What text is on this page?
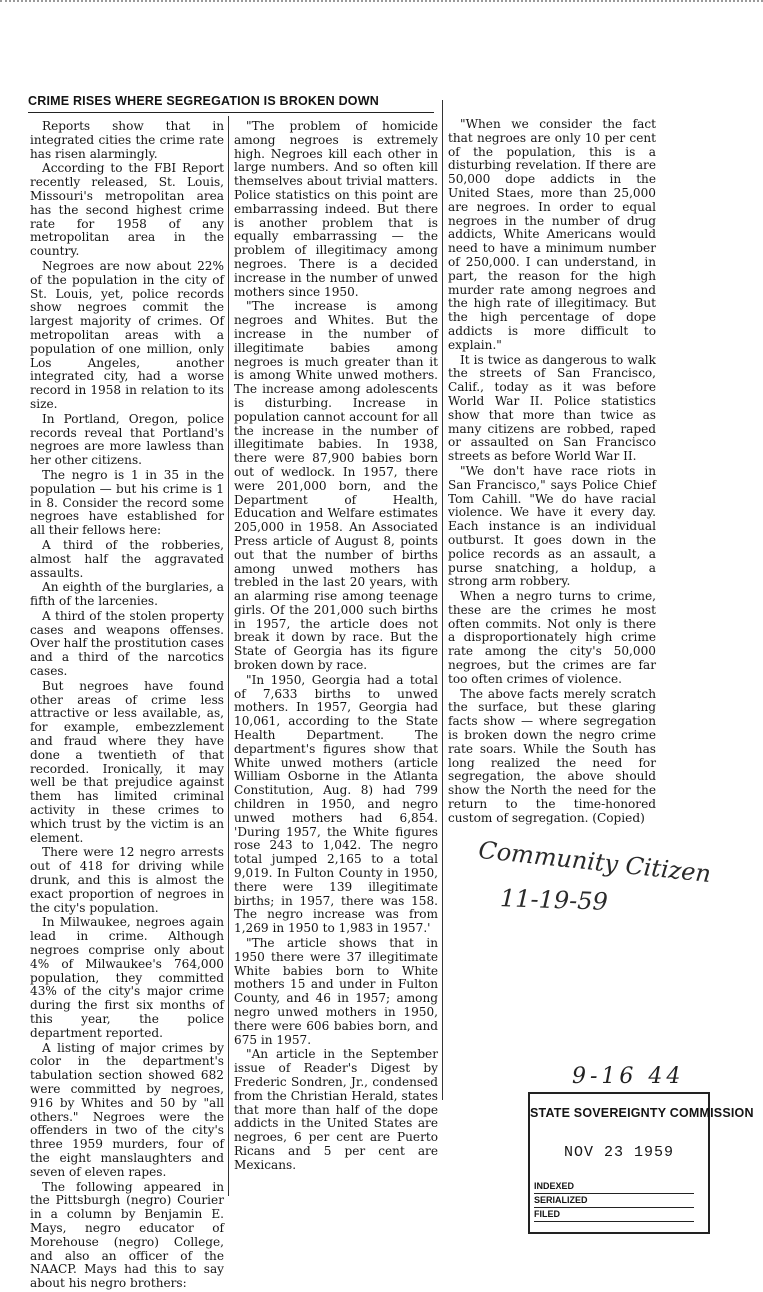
CRIME RISES WHERE SEGREGATION IS BROKEN DOWN

Reports show that in integrated cities the crime rate has risen alarmingly.

According to the FBI Report recently released, St. Louis, Missouri's metropolitan area has the second highest crime rate for 1958 of any metropolitan area in the country.

Negroes are now about 22% of the population in the city of St. Louis, yet, police records show negroes commit the largest majority of crimes. Of metropolitan areas with a population of one million, only Los Angeles, another integrated city, had a worse record in 1958 in relation to its size.

In Portland, Oregon, police records reveal that Portland's negroes are more lawless than her other citizens.

The negro is 1 in 35 in the population — but his crime is 1 in 8. Consider the record some negroes have established for all their fellows here:

A third of the robberies, almost half the aggravated assaults.

An eighth of the burglaries, a fifth of the larcenies.

A third of the stolen property cases and weapons offenses. Over half the prostitution cases and a third of the narcotics cases.

But negroes have found other areas of crime less attractive or less available, as, for example, embezzlement and fraud where they have done a twentieth of that recorded. Ironically, it may well be that prejudice against them has limited criminal activity in these crimes to which trust by the victim is an element.

There were 12 negro arrests out of 418 for driving while drunk, and this is almost the exact proportion of negroes in the city's population.

In Milwaukee, negroes again lead in crime. Although negroes comprise only about 4% of Milwaukee's 764,000 population, they committed 43% of the city's major crime during the first six months of this year, the police department reported.

A listing of major crimes by color in the department's tabulation section showed 682 were committed by negroes, 916 by Whites and 50 by "all others." Negroes were the offenders in two of the city's three 1959 murders, four of the eight manslaughters and seven of eleven rapes.

The following appeared in the Pittsburgh (negro) Courier in a column by Benjamin E. Mays, negro educator of Morehouse (negro) College, and also an officer of the NAACP. Mays had this to say about his negro brothers:

"The problem of homicide among negroes is extremely high. Negroes kill each other in large numbers. And so often kill themselves about trivial matters. Police statistics on this point are embarrassing indeed. But there is another problem that is equally embarrassing — the problem of illegitimacy among negroes. There is a decided increase in the number of unwed mothers since 1950.

"The increase is among negroes and Whites. But the increase in the number of illegitimate babies among negroes is much greater than it is among White unwed mothers. The increase among adolescents is disturbing. Increase in population cannot account for all the increase in the number of illegitimate babies. In 1938, there were 87,900 babies born out of wedlock. In 1957, there were 201,000 born, and the Department of Health, Education and Welfare estimates 205,000 in 1958. An Associated Press article of August 8, points out that the number of births among unwed mothers has trebled in the last 20 years, with an alarming rise among teenage girls. Of the 201,000 such births in 1957, the article does not break it down by race. But the State of Georgia has its figure broken down by race.

"In 1950, Georgia had a total of 7,633 births to unwed mothers. In 1957, Georgia had 10,061, according to the State Health Department. The department's figures show that White unwed mothers (article William Osborne in the Atlanta Constitution, Aug. 8) had 799 children in 1950, and negro unwed mothers had 6,854. 'During 1957, the White figures rose 243 to 1,042. The negro total jumped 2,165 to a total 9,019. In Fulton County in 1950, there were 139 illegitimate births; in 1957, there was 158. The negro increase was from 1,269 in 1950 to 1,983 in 1957.'

"The article shows that in 1950 there were 37 illegitimate White babies born to White mothers 15 and under in Fulton County, and 46 in 1957; among negro unwed mothers in 1950, there were 606 babies born, and 675 in 1957.

"An article in the September issue of Reader's Digest by Frederic Sondren, Jr., condensed from the Christian Herald, states that more than half of the dope addicts in the United States are negroes, 6 per cent are Puerto Ricans and 5 per cent are Mexicans.

"When we consider the fact that negroes are only 10 per cent of the population, this is a disturbing revelation. If there are 50,000 dope addicts in the United Staes, more than 25,000 are negroes. In order to equal negroes in the number of drug addicts, White Americans would need to have a minimum number of 250,000. I can understand, in part, the reason for the high murder rate among negroes and the high rate of illegitimacy. But the high percentage of dope addicts is more difficult to explain."

It is twice as dangerous to walk the streets of San Francisco, Calif., today as it was before World War II. Police statistics show that more than twice as many citizens are robbed, raped or assaulted on San Francisco streets as before World War II.

"We don't have race riots in San Francisco," says Police Chief Tom Cahill. "We do have racial violence. We have it every day. Each instance is an individual outburst. It goes down in the police records as an assault, a purse snatching, a holdup, a strong arm robbery.

When a negro turns to crime, these are the crimes he most often commits. Not only is there a disproportionately high crime rate among the city's 50,000 negroes, but the crimes are far too often crimes of violence.

The above facts merely scratch the surface, but these glaring facts show — where segregation is broken down the negro crime rate soars. While the South has long realized the need for segregation, the above should show the North the need for the return to the time-honored custom of segregation. (Copied)

Community Citizen
11-19-59
9-16 44
STATE SOVEREIGNTY COMMISSION
NOV 23 1959
INDEXED
SERIALIZED
FILED
